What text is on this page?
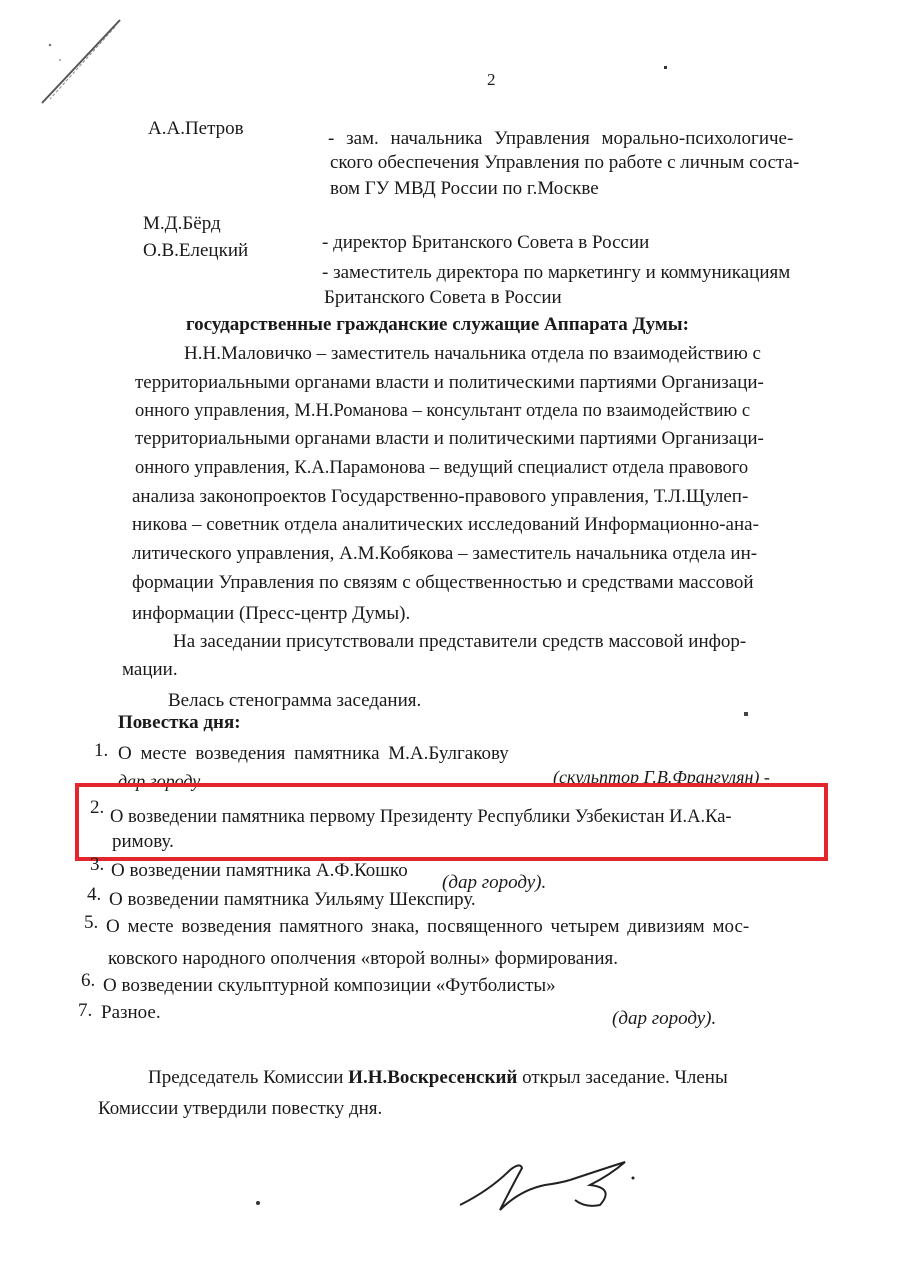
2
А.А.Петров	- зам. начальника Управления морально-психологиче-
ского обеспечения Управления по работе с личным соста-
вом ГУ МВД России по г.Москве
М.Д.Бёрд
- директор Британского Совета в России
О.В.Елецкий
- заместитель директора по маркетингу и коммуникациям
Британского Совета в России
государственные гражданские служащие Аппарата Думы:
Н.Н.Маловичко – заместитель начальника отдела по взаимодействию с
территориальными органами власти и политическими партиями Организаци-
онного управления, М.Н.Романова – консультант отдела по взаимодействию с
территориальными органами власти и политическими партиями Организаци-
онного управления, К.А.Парамонова – ведущий специалист отдела правового
анализа законопроектов Государственно-правового управления, Т.Л.Щулеп-
никова – советник отдела аналитических исследований Информационно-ана-
литического управления, А.М.Кобякова – заместитель начальника отдела ин-
формации Управления по связям с общественностью и средствами массовой
информации (Пресс-центр Думы).
На заседании присутствовали представители средств массовой инфор-
мации.
Велась стенограмма заседания.
Повестка дня:
1. О месте возведения памятника М.А.Булгакову
(скульптор Г.В.Франгулян) -
дар городу
2. О возведении памятника первому Президенту Республики Узбекистан И.А.Ка-
римову.
3. О возведении памятника А.Ф.Кошко
(дар городу).
4. О возведении памятника Уильяму Шекспиру.
5. О месте возведения памятного знака, посвященного четырем дивизиям мос-
ковского народного ополчения «второй волны» формирования.
6. О возведении скульптурной композиции «Футболисты»
(дар городу).
7. Разное.
Председатель Комиссии И.Н.Воскресенский открыл заседание. Члены
Комиссии утвердили повестку дня.
